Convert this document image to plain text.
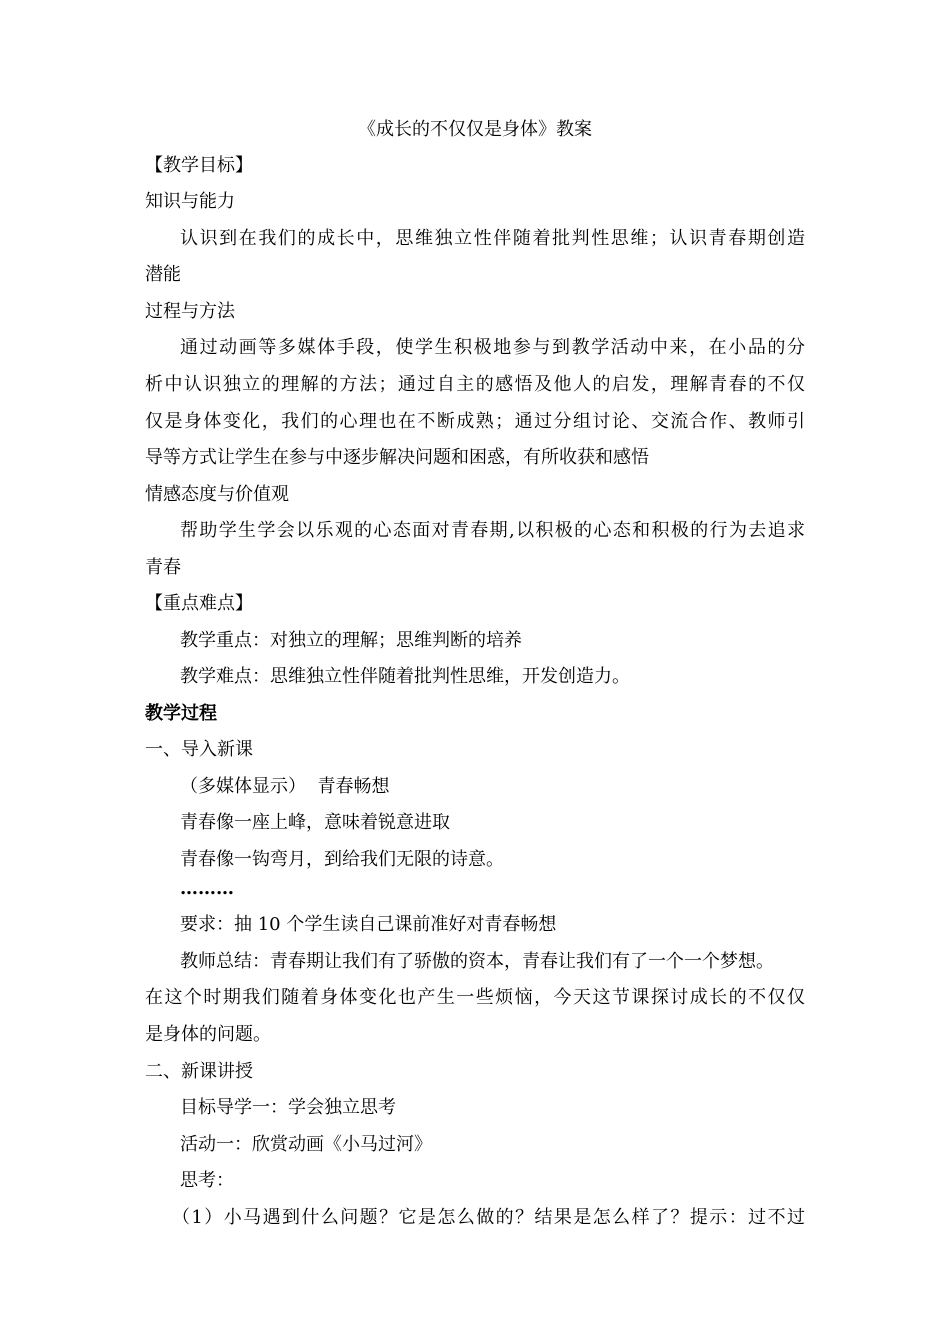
《成长的不仅仅是身体》教案
【教学目标】
知识与能力
认识到在我们的成长中，思维独立性伴随着批判性思维；认识青春期创造
潜能
过程与方法
通过动画等多媒体手段，使学生积极地参与到教学活动中来，在小品的分
析中认识独立的理解的方法；通过自主的感悟及他人的启发，理解青春的不仅
仅是身体变化，我们的心理也在不断成熟；通过分组讨论、交流合作、教师引
导等方式让学生在参与中逐步解决问题和困惑，有所收获和感悟
情感态度与价值观
帮助学生学会以乐观的心态面对青春期,以积极的心态和积极的行为去追求
青春
【重点难点】
教学重点：对独立的理解；思维判断的培养
教学难点：思维独立性伴随着批判性思维，开发创造力。
教学过程
一、导入新课
（多媒体显示）  青春畅想
青春像一座上峰，意味着锐意进取
青春像一钩弯月，到给我们无限的诗意。
………
要求：抽 10 个学生读自己课前准好对青春畅想
教师总结：青春期让我们有了骄傲的资本，青春让我们有了一个一个梦想。
在这个时期我们随着身体变化也产生一些烦恼，今天这节课探讨成长的不仅仅
是身体的问题。
二、新课讲授
目标导学一：学会独立思考
活动一：欣赏动画《小马过河》
思考：
（1）小马遇到什么问题？它是怎么做的？结果是怎么样了？提示：过不过
